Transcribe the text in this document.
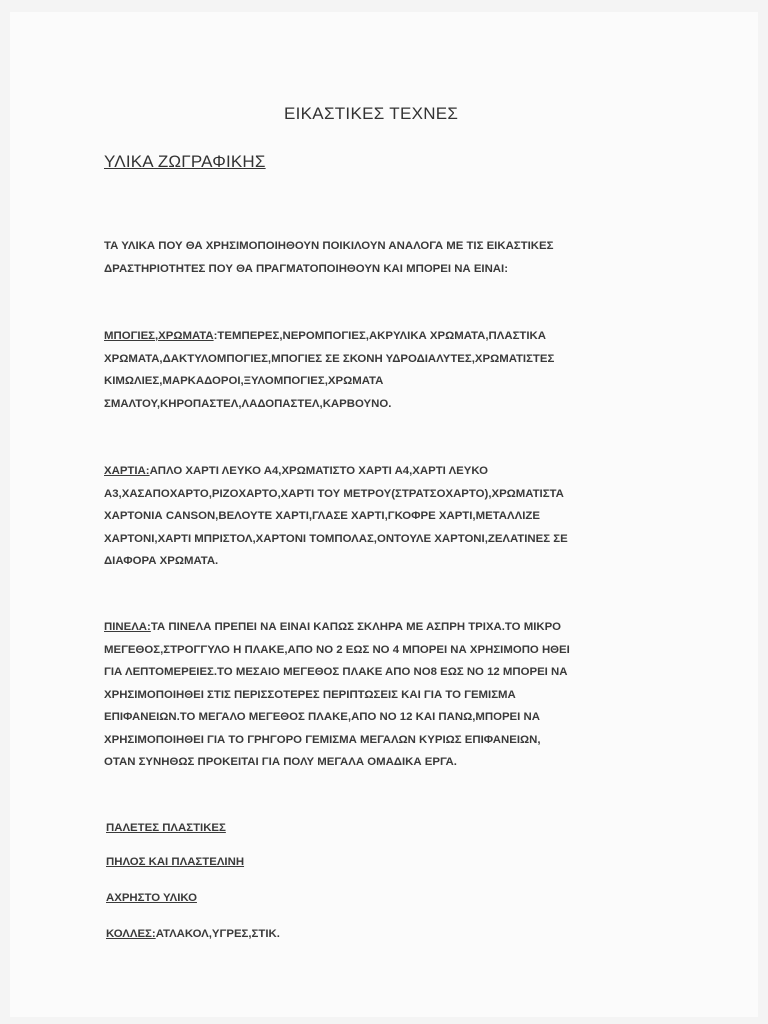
ΕΙΚΑΣΤΙΚΕΣ ΤΕΧΝΕΣ
ΥΛΙΚΑ ΖΩΓΡΑΦΙΚΗΣ
ΤΑ ΥΛΙΚΑ ΠΟΥ ΘΑ ΧΡΗΣΙΜΟΠΟΙΗΘΟΥΝ ΠΟΙΚΙΛΟΥΝ ΑΝΑΛΟΓΑ ΜΕ ΤΙΣ ΕΙΚΑΣΤΙΚΕΣ
ΔΡΑΣΤΗΡΙΟΤΗΤΕΣ ΠΟΥ ΘΑ ΠΡΑΓΜΑΤΟΠΟΙΗΘΟΥΝ ΚΑΙ ΜΠΟΡΕΙ ΝΑ ΕΙΝΑΙ:
ΜΠΟΓΙΕΣ,ΧΡΩΜΑΤΑ:ΤΕΜΠΕΡΕΣ,ΝΕΡΟΜΠΟΓΙΕΣ,ΑΚΡΥΛΙΚΑ ΧΡΩΜΑΤΑ,ΠΛΑΣΤΙΚΑ
ΧΡΩΜΑΤΑ,ΔΑΚΤΥΛΟΜΠΟΓΙΕΣ,ΜΠΟΓΙΕΣ ΣΕ ΣΚΟΝΗ ΥΔΡΟΔΙΑΛΥΤΕΣ,ΧΡΩΜΑΤΙΣΤΕΣ
ΚΙΜΩΛΙΕΣ,ΜΑΡΚΑΔΟΡΟΙ,ΞΥΛΟΜΠΟΓΙΕΣ,ΧΡΩΜΑΤΑ
ΣΜΑΛΤΟΥ,ΚΗΡΟΠΑΣΤΕΛ,ΛΑΔΟΠΑΣΤΕΛ,ΚΑΡΒΟΥΝΟ.
ΧΑΡΤΙΑ:ΑΠΛΟ ΧΑΡΤΙ ΛΕΥΚΟ Α4,ΧΡΩΜΑΤΙΣΤΟ ΧΑΡΤΙ Α4,ΧΑΡΤΙ ΛΕΥΚΟ
Α3,ΧΑΣΑΠΟΧΑΡΤΟ,ΡΙΖΟΧΑΡΤΟ,ΧΑΡΤΙ ΤΟΥ ΜΕΤΡΟΥ(ΣΤΡΑΤΣΟΧΑΡΤΟ),ΧΡΩΜΑΤΙΣΤΑ
ΧΑΡΤΟΝΙΑ CANSON,ΒΕΛΟΥΤΕ ΧΑΡΤΙ,ΓΛΑΣΕ ΧΑΡΤΙ,ΓΚΟΦΡΕ ΧΑΡΤΙ,ΜΕΤΑΛΛΙΖΕ
ΧΑΡΤΟΝΙ,ΧΑΡΤΙ ΜΠΡΙΣΤΟΛ,ΧΑΡΤΟΝΙ ΤΟΜΠΟΛΑΣ,ΟΝΤΟΥΛΕ ΧΑΡΤΟΝΙ,ΖΕΛΑΤΙΝΕΣ ΣΕ
ΔΙΑΦΟΡΑ ΧΡΩΜΑΤΑ.
ΠΙΝΕΛΑ:ΤΑ ΠΙΝΕΛΑ ΠΡΕΠΕΙ ΝΑ ΕΙΝΑΙ ΚΑΠΩΣ ΣΚΛΗΡΑ ΜΕ ΑΣΠΡΗ ΤΡΙΧΑ.ΤΟ ΜΙΚΡΟ
ΜΕΓΕΘΟΣ,ΣΤΡΟΓΓΥΛΟ Η ΠΛΑΚΕ,ΑΠΟ ΝΟ 2 ΕΩΣ ΝΟ 4 ΜΠΟΡΕΙ ΝΑ ΧΡΗΣΙΜΟΠΟ ΗΘΕΙ
ΓΙΑ ΛΕΠΤΟΜΕΡΕΙΕΣ.ΤΟ ΜΕΣΑΙΟ ΜΕΓΕΘΟΣ ΠΛΑΚΕ ΑΠΟ ΝΟ8 ΕΩΣ ΝΟ 12 ΜΠΟΡΕΙ ΝΑ
ΧΡΗΣΙΜΟΠΟΙΗΘΕΙ ΣΤΙΣ ΠΕΡΙΣΣΟΤΕΡΕΣ ΠΕΡΙΠΤΩΣΕΙΣ ΚΑΙ ΓΙΑ ΤΟ ΓΕΜΙΣΜΑ
ΕΠΙΦΑΝΕΙΩΝ.ΤΟ ΜΕΓΑΛΟ ΜΕΓΕΘΟΣ ΠΛΑΚΕ,ΑΠΟ ΝΟ 12 ΚΑΙ ΠΑΝΩ,ΜΠΟΡΕΙ ΝΑ
ΧΡΗΣΙΜΟΠΟΙΗΘΕΙ ΓΙΑ ΤΟ ΓΡΗΓΟΡΟ ΓΕΜΙΣΜΑ ΜΕΓΑΛΩΝ ΚΥΡΙΩΣ ΕΠΙΦΑΝΕΙΩΝ,
ΟΤΑΝ ΣΥΝΗΘΩΣ ΠΡΟΚΕΙΤΑΙ ΓΙΑ ΠΟΛΥ ΜΕΓΑΛΑ ΟΜΑΔΙΚΑ ΕΡΓΑ.
ΠΑΛΕΤΕΣ ΠΛΑΣΤΙΚΕΣ
ΠΗΛΟΣ ΚΑΙ ΠΛΑΣΤΕΛΙΝΗ
ΑΧΡΗΣΤΟ ΥΛΙΚΟ
ΚΟΛΛΕΣ:ΑΤΛΑΚΟΛ,ΥΓΡΕΣ,ΣΤΙΚ.
